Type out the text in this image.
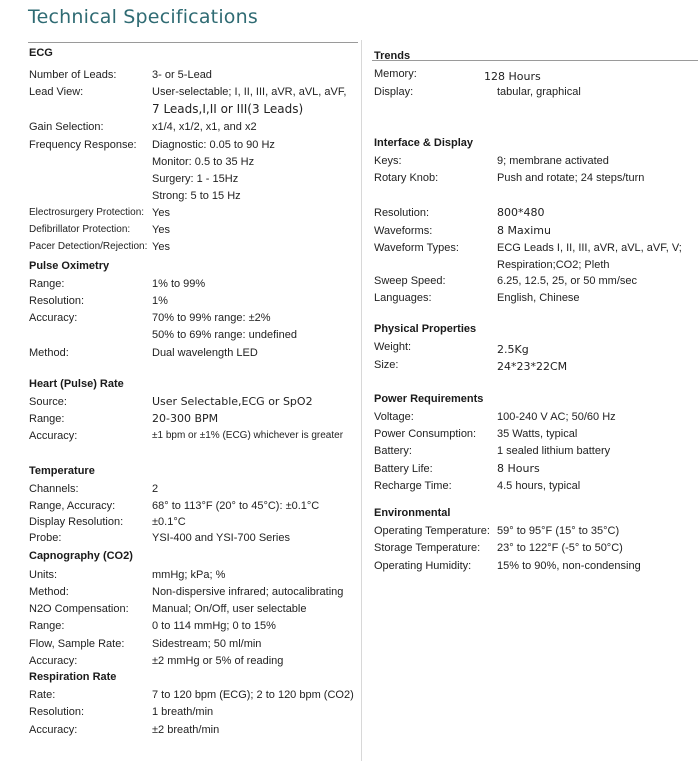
Technical Specifications
ECG
Number of Leads:	3- or 5-Lead
Lead View:	User-selectable; I, II, III, aVR, aVL, aVF,
7 Leads,I,II or III(3 Leads)
Gain Selection:	x1/4, x1/2, x1, and x2
Frequency Response: Diagnostic: 0.05 to 90 Hz
Monitor: 0.5 to 35 Hz
Surgery: 1 - 15Hz
Strong: 5 to 15 Hz
Electrosurgery Protection: Yes
Defibrillator Protection: Yes
Pacer Detection/Rejection: Yes
Pulse Oximetry
Range:	1% to 99%
Resolution:	1%
Accuracy:	70% to 99% range: ±2%
50% to 69% range: undefined
Method:	Dual wavelength LED
Heart (Pulse) Rate
Source:	User Selectable,ECG or SpO2
Range:	20-300 BPM
Accuracy:	±1 bpm or ±1% (ECG) whichever is greater
Temperature
Channels:	2
Range, Accuracy:	68° to 113°F (20° to 45°C): ±0.1°C
Display Resolution:	±0.1°C
Probe:	YSI-400 and YSI-700 Series
Capnography (CO2)
Units:	mmHg; kPa; %
Method:	Non-dispersive infrared; autocalibrating
N2O Compensation: Manual; On/Off, user selectable
Range:	0 to 114 mmHg; 0 to 15%
Flow, Sample Rate:	Sidestream; 50 ml/min
Accuracy:	±2 mmHg or 5% of reading
Respiration Rate
Rate:	7 to 120 bpm (ECG); 2 to 120 bpm (CO2)
Resolution:	1 breath/min
Accuracy:	±2 breath/min
Trends
Memory:	128 Hours
Display:	tabular, graphical
Interface & Display
Keys:	9; membrane activated
Rotary Knob:	Push and rotate; 24 steps/turn
Resolution:	800*480
Waveforms:	8 Maximu
Waveform Types:	ECG Leads I, II, III, aVR, aVL, aVF, V;
Respiration;CO2; Pleth
Sweep Speed:	6.25, 12.5, 25, or 50 mm/sec
Languages:	English, Chinese
Physical Properties
Weight:	2.5Kg
Size:	24*23*22CM
Power Requirements
Voltage:	100-240 V AC; 50/60 Hz
Power Consumption: 35 Watts, typical
Battery:	1 sealed lithium battery
Battery Life:	8 Hours
Recharge Time:	4.5 hours, typical
Environmental
Operating Temperature: 59° to 95°F (15° to 35°C)
Storage Temperature: 23° to 122°F (-5° to 50°C)
Operating Humidity: 15% to 90%, non-condensing
